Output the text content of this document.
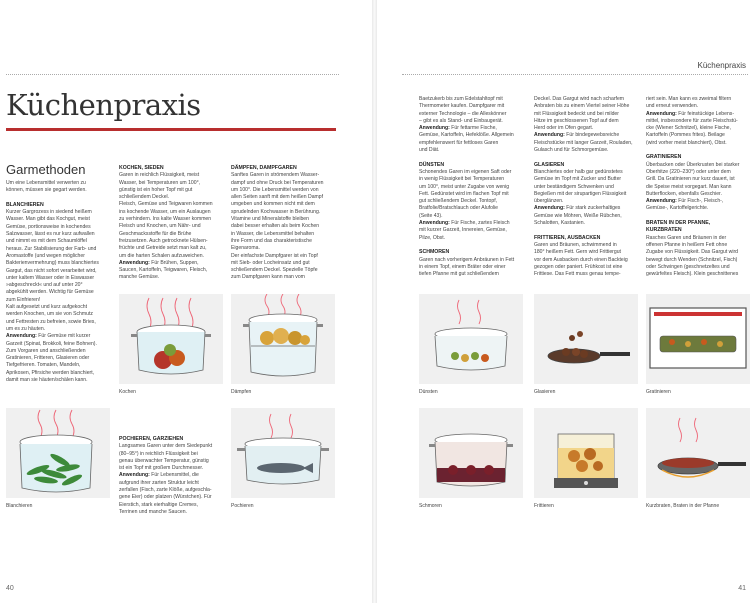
Küchenpraxis
Garmethoden

Um eine Lebensmittel verwerten zu

können, müssen sie gegart werden.

BLANCHIEREN

Kurzer Gargrozess in siedend heißem

Wasser. Man gibt das Kochgut, meist

Gemüse, portionsweise in kochendes

Salzwasser, lässt es nur kurz aufwallen

und nimmt es mit dem Schaumlöffel

heraus. Zur Stabilisierung der Farb- und

Aromastoffe (und wegen möglicher

Bakterienvermehrung) muss blanchiertes

Gargut, das nicht sofort verarbeitet wird,

unter kaltem Wasser oder in Eiswasser

»abgeschreckt« und auf unter 20°

abgekühlt werden. Wichtig für Gemüse

zum Einfrieren!

Kalt aufgesetzt und kurz aufgekocht

werden Knochen, um sie von Schmutz

und Fettresten zu befreien, sowie Bries,

um es zu häuten.

Anwendung: Für Gemüse mit kurzer

Garzeit (Spinat, Brokkoli, feine Bohnen).

Zum Vorgaren und anschließenden

Gratinieren, Fritteren, Glasieren oder

Tiefgefrieren. Tomaten, Mandeln,

Aprikosen, Pfirsiche werden blanchiert,

damit man sie häuten/schälen kann.

KOCHEN, SIEDEN

Garen in reichlich Flüssigkeit, meist

Wasser, bei Temperaturen um 100°,

günstig ist ein hoher Topf mit gut

schließendem Deckel.

Fleisch, Gemüse und Teigwaren kommen

ins kochende Wasser, um ein Auslaugen

zu verhindern. Ins kalte Wasser kommen

Fleisch und Knochen, um Nähr- und

Geschmacksstoffe für die Brühe

freizusetzen. Auch getrocknete Hülsen-

früchte und Getreide setzt man kalt zu,

um die harten Schalen aufzuweichen.

Anwendung: Für Brühen, Suppen,

Saucen, Kartoffeln, Teigwaren, Fleisch,

manche Gemüse.

DÄMPFEN, DAMPFGAREN

Sanftes Garen in strömendem Wasser-

dampf und ohne Druck bei Temperaturen

um 100°. Die Lebensmittel werden von

allen Seiten sanft mit dem heißen Dampf

umgeben und kommen nicht mit dem

sprudelnden Kochwasser in Berührung.

Vitamine und Mineralstoffe bleiben

dabei besser erhalten als beim Kochen

in Wasser, die Lebensmittel behalten

ihre Form und das charakteristische

Eigenaroma.

Der einfachste Dampfgarer ist ein Topf

mit Sieb- oder Locheinsatz und gut

schließendem Deckel. Spezielle Töpfe

zum Dampfgaren kann man vom

POCHIEREN, GARZIEHEN

Langsames Garen unter dem Siedepunkt

(80–95°) in reichlich Flüssigkeit bei

genau überwachter Temperatur, günstig

ist ein Topf mit großem Durchmesser.

Anwendung: Für Lebensmittel, die

aufgrund ihrer zarten Struktur leicht

zerfallen (Fisch, zarte Klöße, aufgeschla-

gene Eier) oder platzen (Würstchen). Für

Eierstich, stark eierhaltige Cremes,

Terrinen und manche Saucen.

Kochen	Dämpfen
Blanchieren	Pochieren
40
Küchenpraxis

Baetzukerb bis zum Edelstahltopf mit

Thermometer kaufen. Dampfgarer mit

externer Technologie – die Alleskönner

– gibt es als Stand- und Einbaugerät.

Anwendung: Für fettarme Fische,

Gemüse, Kartoffeln, Hefeklöße. Allgemein

empfehlenswert für fettloses Garen

und Diät.

DÜNSTEN

Schonendes Garen im eigenen Saft oder

in wenig Flüssigkeit bei Temperaturen

um 100°, meist unter Zugabe von wenig

Fett. Gedünstet wird im flachen Topf mit

gut schließendem Deckel. Tontopf,

Bratfolie/Bratschlauch oder Alufolie

(Seite 43).

Anwendung: Für Fische, zartes Fleisch

mit kurzer Garzeit, Innereien, Gemüse,

Pilze, Obst.

SCHMOREN

Garen nach vorherigem Anbräunen in Fett

in einem Topf, einem Bräter oder einer

tiefen Pfanne mit gut schließendem

Deckel. Das Gargut wird nach scharfem

Anbraten bis zu einem Viertel seiner Höhe

mit Flüssigkeit bedeckt und bei milder

Hitze im geschlossenen Topf auf dem

Herd oder im Ofen gegart.

Anwendung: Für bindegewebsreiche

Fleischstücke mit langer Garzeit, Rouladen,

Gulasch und für Schmorgemüse.

GLASIEREN

Blanchiertes oder halb gar gedünstetes

Gemüse im Topf mit Zucker und Butter

unter beständigem Schwenken und

Begießen mit der sirupartigen Flüssigkeit

überglänzen.

Anwendung: Für stark zuckerhaltiges

Gemüse wie Möhren, Weiße Rübchen,

Schalotten, Kastanien.

FRITTIEREN, AUSBACKEN

Garen und Bräunen, schwimmend in

180° heißem Fett. Gern wird Frittiergut

vor dem Ausbacken durch einen Backteig

gezogen oder paniert. Frühkost ist eine

Frittiese. Das Fett muss genau tempe-

riert sein. Man kann es zweimal filtern

und erneut verwenden.

Anwendung: Für feinstückige Lebens-

mittel, insbesondere für zarte Fleischstü-

cke (Wiener Schnitzel), kleine Fische,

Kartoffeln (Pommes frites). Beilage

(wird vorher meist blanchiert), Obst.

GRATINIEREN

Überbacken oder Überkrusten bei starker

Oberhitze (220–230°) oder unter dem

Grill. Da Gratinieren nur kurz dauert, ist

die Speise meist vorgegart. Man kann

Butterflocken, ebenfalls Geschier.

Anwendung: Für Fisch-, Fleisch-,

Gemüse-, Kartoffelgerichte.

BRATEN IN DER PFANNE,

KURZBRATEN

Rasches Garen und Bräunen in der

offenen Pfanne in heißem Fett ohne

Zugabe von Flüssigkeit. Das Gargut wird

bewegt durch Wenden (Schnitzel, Fisch)

oder Schwingen (geschnetzeltes und

gewürfeltes Fleisch). Klein geschnittenes

Dünsten	Glasieren	Gratinieren
Schmoren	Frittieren	Kurzbraten, Braten in der Pfanne
41
